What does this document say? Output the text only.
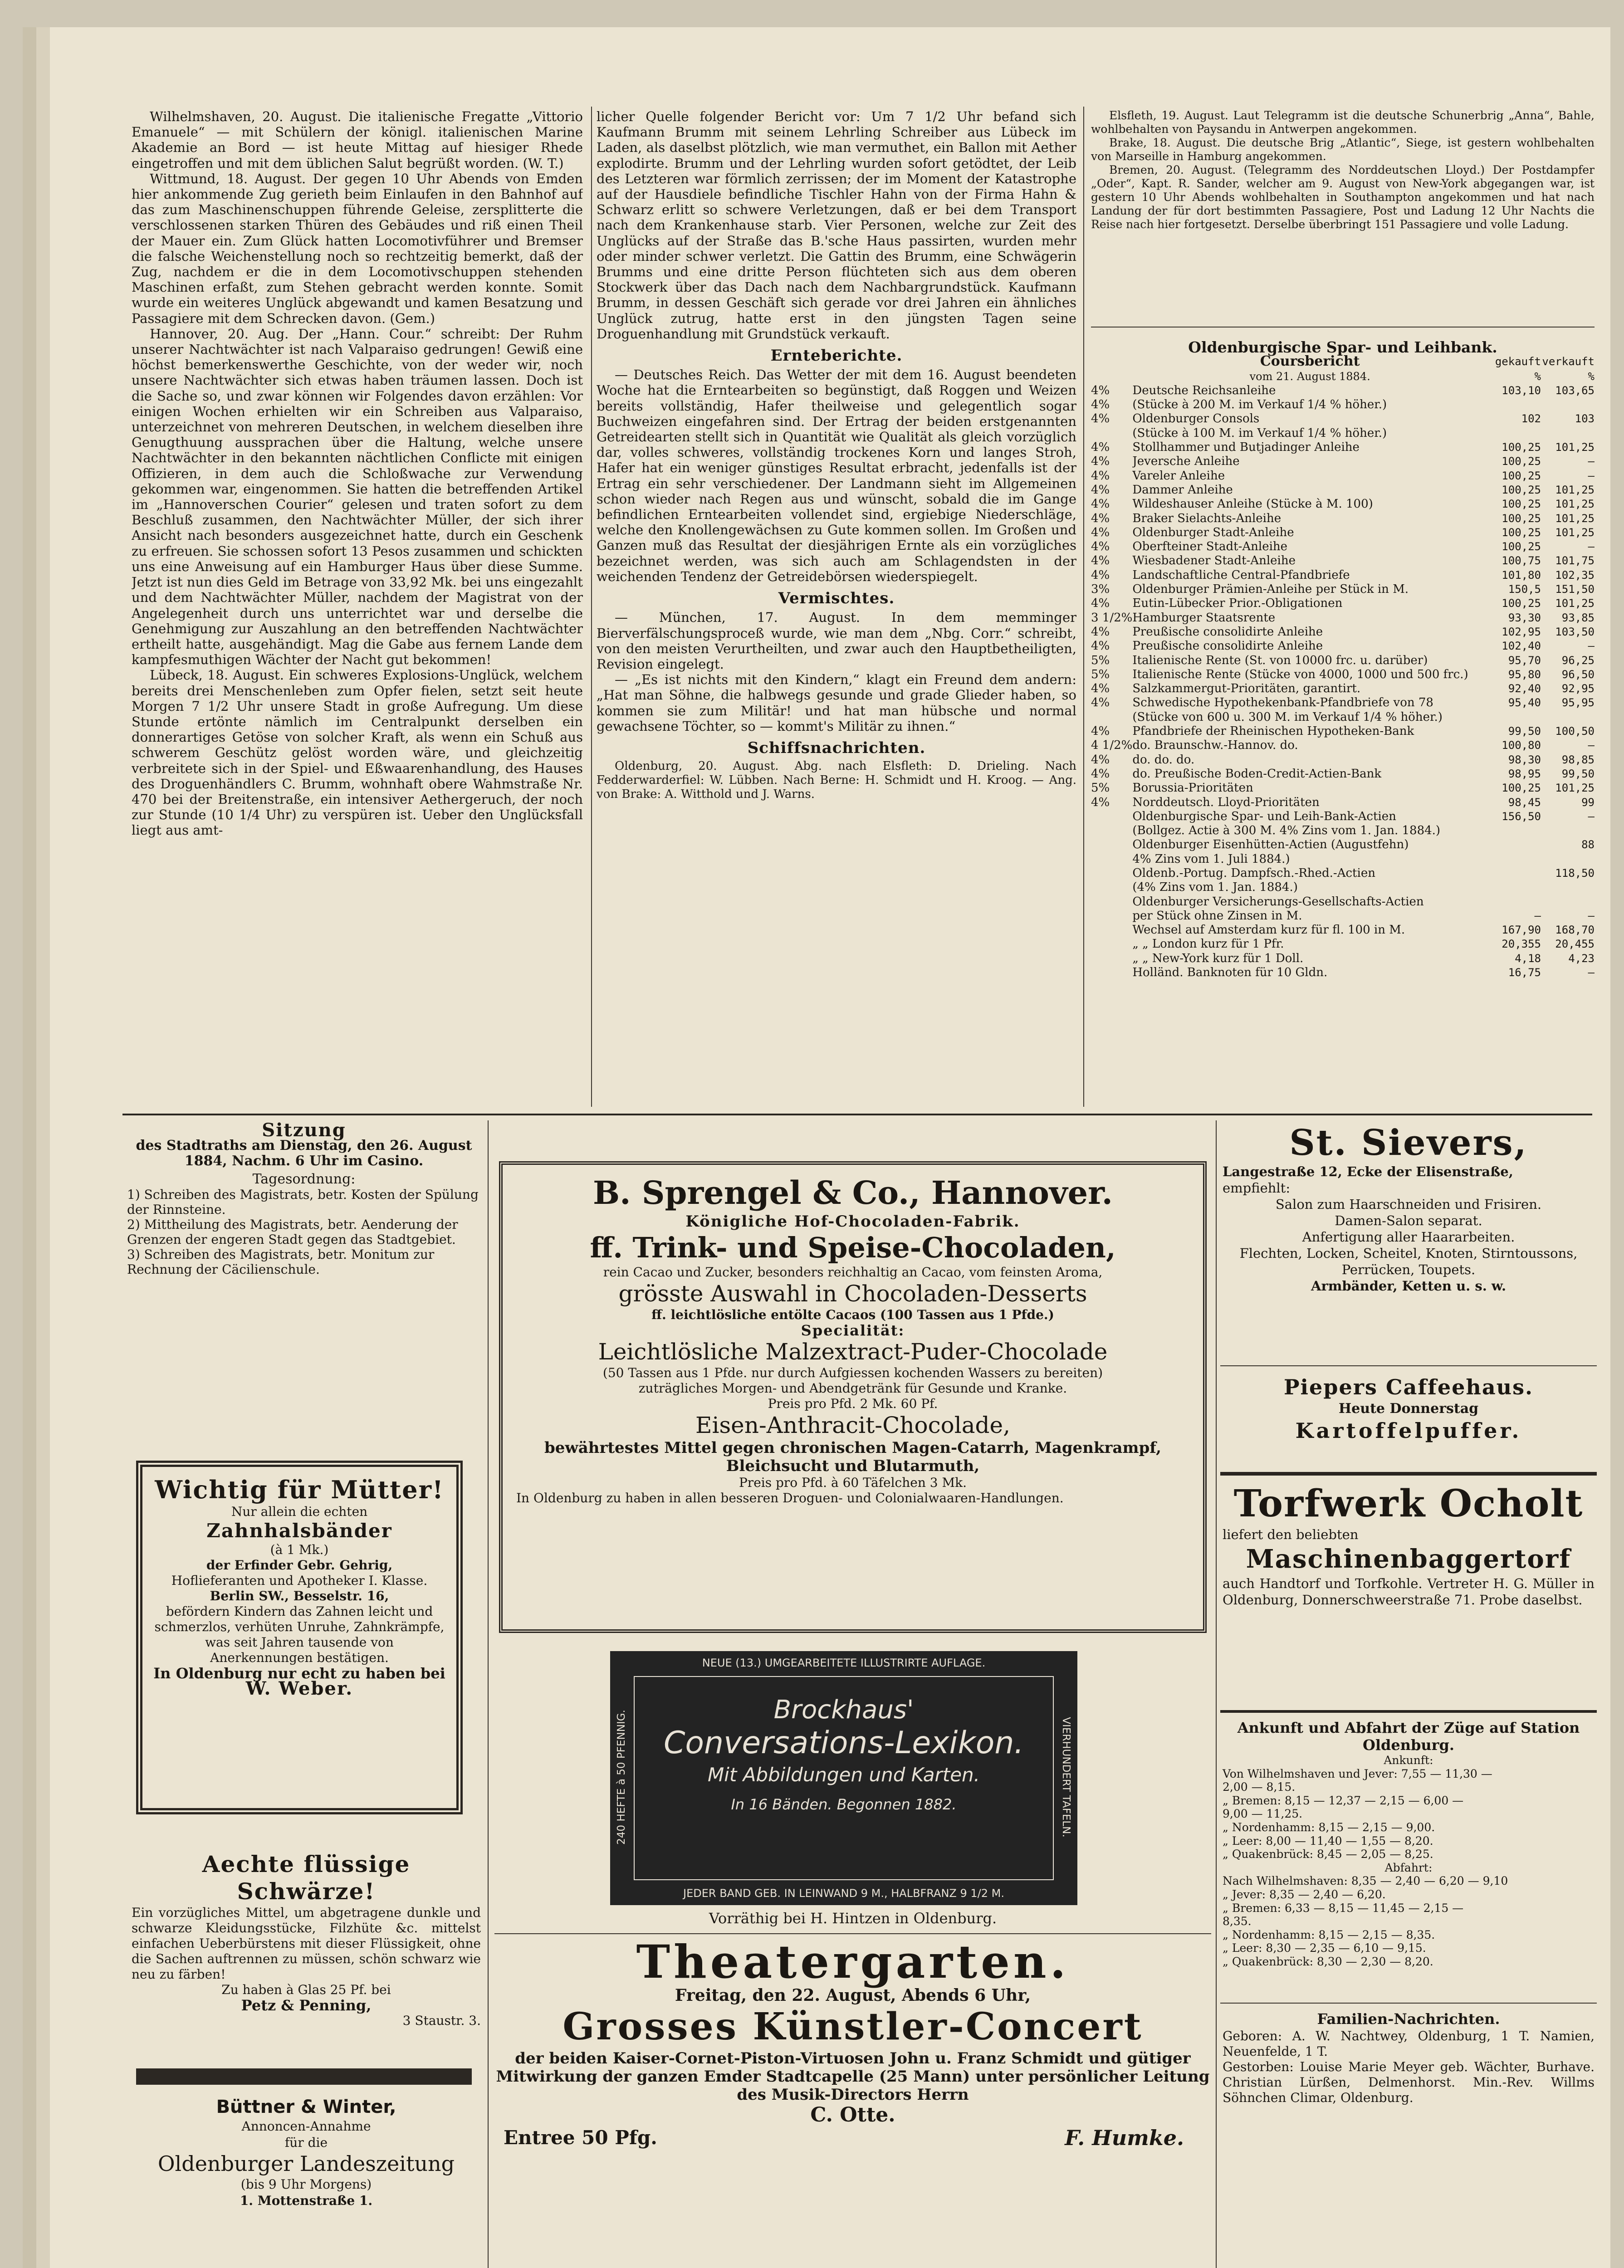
Wilhelmshaven, 20. August. Die italienische Fregatte „Vittorio Emanuele“ — mit Schülern der königl. italienischen Marine Akademie an Bord — ist heute Mittag auf hiesiger Rhede eingetroffen und mit dem üblichen Salut begrüßt worden. (W. T.)

Wittmund, 18. August. Der gegen 10 Uhr Abends von Emden hier ankommende Zug gerieth beim Einlaufen in den Bahnhof auf das zum Maschinenschuppen führende Geleise, zersplitterte die verschlossenen starken Thüren des Gebäudes und riß einen Theil der Mauer ein. Zum Glück hatten Locomotivführer und Bremser die falsche Weichenstellung noch so rechtzeitig bemerkt, daß der Zug, nachdem er die in dem Locomotivschuppen stehenden Maschinen erfaßt, zum Stehen gebracht werden konnte. Somit wurde ein weiteres Unglück abgewandt und kamen Besatzung und Passagiere mit dem Schrecken davon. (Gem.)

Hannover, 20. Aug. Der „Hann. Cour.“ schreibt: Der Ruhm unserer Nachtwächter ist nach Valparaiso gedrungen! Gewiß eine höchst bemerkenswerthe Geschichte, von der weder wir, noch unsere Nachtwächter sich etwas haben träumen lassen. Doch ist die Sache so, und zwar können wir Folgendes davon erzählen: Vor einigen Wochen erhielten wir ein Schreiben aus Valparaiso, unterzeichnet von mehreren Deutschen, in welchem dieselben ihre Genugthuung aussprachen über die Haltung, welche unsere Nachtwächter in den bekannten nächtlichen Conflicte mit einigen Offizieren, in dem auch die Schloßwache zur Verwendung gekommen war, eingenommen. Sie hatten die betreffenden Artikel im „Hannoverschen Courier“ gelesen und traten sofort zu dem Beschluß zusammen, den Nachtwächter Müller, der sich ihrer Ansicht nach besonders ausgezeichnet hatte, durch ein Geschenk zu erfreuen. Sie schossen sofort 13 Pesos zusammen und schickten uns eine Anweisung auf ein Hamburger Haus über diese Summe. Jetzt ist nun dies Geld im Betrage von 33,92 Mk. bei uns eingezahlt und dem Nachtwächter Müller, nachdem der Magistrat von der Angelegenheit durch uns unterrichtet war und derselbe die Genehmigung zur Auszahlung an den betreffenden Nachtwächter ertheilt hatte, ausgehändigt. Mag die Gabe aus fernem Lande dem kampfesmuthigen Wächter der Nacht gut bekommen!

Lübeck, 18. August. Ein schweres Explosions-Unglück, welchem bereits drei Menschenleben zum Opfer fielen, setzt seit heute Morgen 7 1/2 Uhr unsere Stadt in große Aufregung. Um diese Stunde ertönte nämlich im Centralpunkt derselben ein donnerartiges Getöse von solcher Kraft, als wenn ein Schuß aus schwerem Geschütz gelöst worden wäre, und gleichzeitig verbreitete sich in der Spiel- und Eßwaarenhandlung, des Hauses des Droguenhändlers C. Brumm, wohnhaft obere Wahmstraße Nr. 470 bei der Breitenstraße, ein intensiver Aethergeruch, der noch zur Stunde (10 1/4 Uhr) zu verspüren ist. Ueber den Unglücksfall liegt aus amt-

licher Quelle folgender Bericht vor: Um 7 1/2 Uhr befand sich Kaufmann Brumm mit seinem Lehrling Schreiber aus Lübeck im Laden, als daselbst plötzlich, wie man vermuthet, ein Ballon mit Aether explodirte. Brumm und der Lehrling wurden sofort getödtet, der Leib des Letzteren war förmlich zerrissen; der im Moment der Katastrophe auf der Hausdiele befindliche Tischler Hahn von der Firma Hahn & Schwarz erlitt so schwere Verletzungen, daß er bei dem Transport nach dem Krankenhause starb. Vier Personen, welche zur Zeit des Unglücks auf der Straße das B.'sche Haus passirten, wurden mehr oder minder schwer verletzt. Die Gattin des Brumm, eine Schwägerin Brumms und eine dritte Person flüchteten sich aus dem oberen Stockwerk über das Dach nach dem Nachbargrundstück. Kaufmann Brumm, in dessen Geschäft sich gerade vor drei Jahren ein ähnliches Unglück zutrug, hatte erst in den jüngsten Tagen seine Droguenhandlung mit Grundstück verkauft.

Ernteberichte.

— Deutsches Reich. Das Wetter der mit dem 16. August beendeten Woche hat die Erntearbeiten so begünstigt, daß Roggen und Weizen bereits vollständig, Hafer theilweise und gelegentlich sogar Buchweizen eingefahren sind. Der Ertrag der beiden erstgenannten Getreidearten stellt sich in Quantität wie Qualität als gleich vorzüglich dar, volles schweres, vollständig trockenes Korn und langes Stroh, Hafer hat ein weniger günstiges Resultat erbracht, jedenfalls ist der Ertrag ein sehr verschiedener. Der Landmann sieht im Allgemeinen schon wieder nach Regen aus und wünscht, sobald die im Gange befindlichen Erntearbeiten vollendet sind, ergiebige Niederschläge, welche den Knollengewächsen zu Gute kommen sollen. Im Großen und Ganzen muß das Resultat der diesjährigen Ernte als ein vorzügliches bezeichnet werden, was sich auch am Schlagendsten in der weichenden Tendenz der Getreidebörsen wiederspiegelt.

Vermischtes.

— München, 17. August. In dem memminger Bierverfälschungsproceß wurde, wie man dem „Nbg. Corr.“ schreibt, von den meisten Verurtheilten, und zwar auch den Hauptbetheiligten, Revision eingelegt.

— „Es ist nichts mit den Kindern,“ klagt ein Freund dem andern: „Hat man Söhne, die halbwegs gesunde und grade Glieder haben, so kommen sie zum Militär! und hat man hübsche und normal gewachsene Töchter, so — kommt's Militär zu ihnen.“

Schiffsnachrichten.

Oldenburg, 20. August. Abg. nach Elsfleth: D. Drieling. Nach Fedderwarderfiel: W. Lübben. Nach Berne: H. Schmidt und H. Kroog. — Ang. von Brake: A. Witthold und J. Warns.

Elsfleth, 19. August. Laut Telegramm ist die deutsche Schunerbrig „Anna“, Bahle, wohlbehalten von Paysandu in Antwerpen angekommen.

Brake, 18. August. Die deutsche Brig „Atlantic“, Siege, ist gestern wohlbehalten von Marseille in Hamburg angekommen.

Bremen, 20. August. (Telegramm des Norddeutschen Lloyd.) Der Postdampfer „Oder“, Kapt. R. Sander, welcher am 9. August von New-York abgegangen war, ist gestern 10 Uhr Abends wohlbehalten in Southampton angekommen und hat nach Landung der für dort bestimmten Passagiere, Post und Ladung 12 Uhr Nachts die Reise nach hier fortgesetzt. Derselbe überbringt 151 Passagiere und volle Ladung.

Oldenburgische Spar- und Leihbank.
	Coursbericht	gekauft	verkauft
	vom 21. August 1884.	%	%
4%	Deutsche Reichsanleihe	103,10	103,65
4%	(Stücke à 200 M. im Verkauf 1/4 % höher.)		
4%	Oldenburger Consols	102	103
	(Stücke à 100 M. im Verkauf 1/4 % höher.)		
4%	Stollhammer und Butjadinger Anleihe	100,25	101,25
4%	Jeversche Anleihe	100,25	—
4%	Vareler Anleihe	100,25	—
4%	Dammer Anleihe	100,25	101,25
4%	Wildeshauser Anleihe (Stücke à M. 100)	100,25	101,25
4%	Braker Sielachts-Anleihe	100,25	101,25
4%	Oldenburger Stadt-Anleihe	100,25	101,25
4%	Oberfteiner Stadt-Anleihe	100,25	—
4%	Wiesbadener Stadt-Anleihe	100,75	101,75
4%	Landschaftliche Central-Pfandbriefe	101,80	102,35
3%	Oldenburger Prämien-Anleihe per Stück in M.	150,5	151,50
4%	Eutin-Lübecker Prior.-Obligationen	100,25	101,25
3 1/2%	Hamburger Staatsrente	93,30	93,85
4%	Preußische consolidirte Anleihe	102,95	103,50
4%	Preußische consolidirte Anleihe	102,40	—
5%	Italienische Rente (St. von 10000 frc. u. darüber)	95,70	96,25
5%	Italienische Rente (Stücke von 4000, 1000 und 500 frc.)	95,80	96,50
4%	Salzkammergut-Prioritäten, garantirt.	92,40	92,95
4%	Schwedische Hypothekenbank-Pfandbriefe von 78	95,40	95,95
	(Stücke von 600 u. 300 M. im Verkauf 1/4 % höher.)		
4%	Pfandbriefe der Rheinischen Hypotheken-Bank	99,50	100,50
4 1/2%	do. Braunschw.-Hannov. do.	100,80	—
4%	do. do. do.	98,30	98,85
4%	do. Preußische Boden-Credit-Actien-Bank	98,95	99,50
5%	Borussia-Prioritäten	100,25	101,25
4%	Norddeutsch. Lloyd-Prioritäten	98,45	99
	Oldenburgische Spar- und Leih-Bank-Actien	156,50	—
	(Bollgez. Actie à 300 M. 4% Zins vom 1. Jan. 1884.)		
	Oldenburger Eisenhütten-Actien (Augustfehn)		88
	4% Zins vom 1. Juli 1884.)		
	Oldenb.-Portug. Dampfsch.-Rhed.-Actien		118,50
	(4% Zins vom 1. Jan. 1884.)		
	Oldenburger Versicherungs-Gesellschafts-Actien		
	per Stück ohne Zinsen in M.	—	—
	Wechsel auf Amsterdam kurz für fl. 100 in M.	167,90	168,70
	„ „ London kurz für 1 Pfr.	20,355	20,455
	„ „ New-York kurz für 1 Doll.	4,18	4,23
	Holländ. Banknoten für 10 Gldn.	16,75	—
Sitzung
des Stadtraths am Dienstag, den 26. August 1884, Nachm. 6 Uhr im Casino.
Tagesordnung:
1) Schreiben des Magistrats, betr. Kosten der Spülung der Rinnsteine.
2) Mittheilung des Magistrats, betr. Aenderung der Grenzen der engeren Stadt gegen das Stadtgebiet.
3) Schreiben des Magistrats, betr. Monitum zur Rechnung der Cäcilienschule.
Wichtig für Mütter!
Nur allein die echten
Zahnhalsbänder
(à 1 Mk.)
der Erfinder Gebr. Gehrig,
Hoflieferanten und Apotheker I. Klasse.
Berlin SW., Besselstr. 16,
befördern Kindern das Zahnen leicht und schmerzlos, verhüten Unruhe, Zahnkrämpfe, was seit Jahren tausende von Anerkennungen bestätigen.
In Oldenburg nur echt zu haben bei
W. Weber.
Aechte flüssige Schwärze!
Ein vorzügliches Mittel, um abgetragene dunkle und schwarze Kleidungsstücke, Filzhüte &c. mittelst einfachen Ueberbürstens mit dieser Flüssigkeit, ohne die Sachen auftrennen zu müssen, schön schwarz wie neu zu färben!
Zu haben à Glas 25 Pf. bei
Petz & Penning,
3 Staustr. 3.
Büttner & Winter,
Annoncen-Annahme
für die
Oldenburger Landeszeitung
(bis 9 Uhr Morgens)
1. Mottenstraße 1.
B. Sprengel & Co., Hannover.
Königliche Hof-Chocoladen-Fabrik.
ff. Trink- und Speise-Chocoladen,
rein Cacao und Zucker, besonders reichhaltig an Cacao, vom feinsten Aroma,
grösste Auswahl in Chocoladen-Desserts
ff. leichtlösliche entölte Cacaos (100 Tassen aus 1 Pfde.)
Specialität:
Leichtlösliche Malzextract-Puder-Chocolade
(50 Tassen aus 1 Pfde. nur durch Aufgiessen kochenden Wassers zu bereiten)
zuträgliches Morgen- und Abendgetränk für Gesunde und Kranke.
Preis pro Pfd. 2 Mk. 60 Pf.
Eisen-Anthracit-Chocolade,
bewährtestes Mittel gegen chronischen Magen-Catarrh, Magenkrampf, Bleichsucht und Blutarmuth,
Preis pro Pfd. à 60 Täfelchen 3 Mk.
In Oldenburg zu haben in allen besseren Droguen- und Colonialwaaren-Handlungen.
NEUE (13.) UMGEARBEITETE ILLUSTRIRTE AUFLAGE.
240 HEFTE à 50 PFENNIG.	VIERHUNDERT TAFELN.
Brockhaus'
Conversations-Lexikon.
Mit Abbildungen und Karten.
In 16 Bänden. Begonnen 1882.
JEDER BAND GEB. IN LEINWAND 9 M., HALBFRANZ 9 1/2 M.
Vorräthig bei H. Hintzen in Oldenburg.
Theatergarten.
Freitag, den 22. August, Abends 6 Uhr,
Grosses Künstler-Concert
der beiden Kaiser-Cornet-Piston-Virtuosen John u. Franz Schmidt und gütiger Mitwirkung der ganzen Emder Stadtcapelle (25 Mann) unter persönlicher Leitung des Musik-Directors Herrn
C. Otte.
Entree 50 Pfg.	F. Humke.
St. Sievers,
Langestraße 12, Ecke der Elisenstraße,
empfiehlt:
Salon zum Haarschneiden und Frisiren.
Damen-Salon separat.
Anfertigung aller Haararbeiten.
Flechten, Locken, Scheitel, Knoten, Stirntoussons, Perrücken, Toupets.
Armbänder, Ketten u. s. w.
Piepers Caffeehaus.
Heute Donnerstag
Kartoffelpuffer.
Torfwerk Ocholt
liefert den beliebten
Maschinenbaggertorf
auch Handtorf und Torfkohle. Vertreter H. G. Müller in Oldenburg, Donnerschweerstraße 71. Probe daselbst.
Ankunft und Abfahrt der Züge auf Station Oldenburg.
Ankunft:
Von Wilhelmshaven und Jever: 7,55 — 11,30 —
2,00 — 8,15.
„ Bremen: 8,15 — 12,37 — 2,15 — 6,00 —
9,00 — 11,25.
„ Nordenhamm: 8,15 — 2,15 — 9,00.
„ Leer: 8,00 — 11,40 — 1,55 — 8,20.
„ Quakenbrück: 8,45 — 2,05 — 8,25.
Abfahrt:
Nach Wilhelmshaven: 8,35 — 2,40 — 6,20 — 9,10
„ Jever: 8,35 — 2,40 — 6,20.
„ Bremen: 6,33 — 8,15 — 11,45 — 2,15 —
8,35.
„ Nordenhamm: 8,15 — 2,15 — 8,35.
„ Leer: 8,30 — 2,35 — 6,10 — 9,15.
„ Quakenbrück: 8,30 — 2,30 — 8,20.
Familien-Nachrichten.
Geboren: A. W. Nachtwey, Oldenburg, 1 T. Namien, Neuenfelde, 1 T.
Gestorben: Louise Marie Meyer geb. Wächter, Burhave. Christian Lürßen, Delmenhorst. Min.-Rev. Willms Söhnchen Climar, Oldenburg.
